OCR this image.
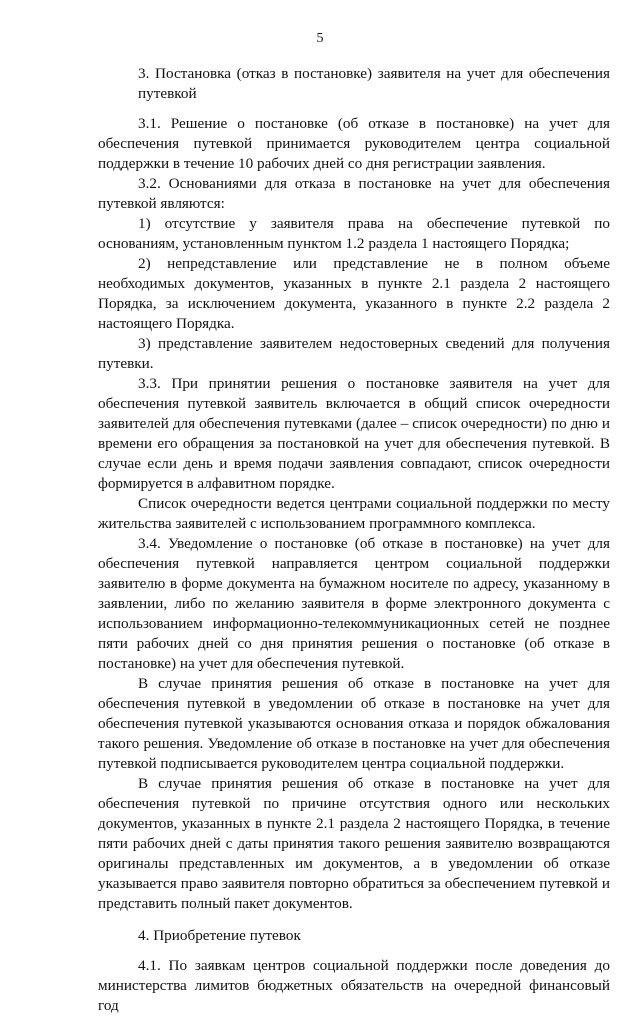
5

3. Постановка (отказ в постановке) заявителя на учет для обеспечения путевкой

3.1. Решение о постановке (об отказе в постановке) на учет для обеспечения путевкой принимается руководителем центра социальной поддержки в течение 10 рабочих дней со дня регистрации заявления.

3.2. Основаниями для отказа в постановке на учет для обеспечения путевкой являются:

1) отсутствие у заявителя права на обеспечение путевкой по основаниям, установленным пунктом 1.2 раздела 1 настоящего Порядка;

2) непредставление или представление не в полном объеме необходимых документов, указанных в пункте 2.1 раздела 2 настоящего Порядка, за исключением документа, указанного в пункте 2.2 раздела 2 настоящего Порядка.

3) представление заявителем недостоверных сведений для получения путевки.

3.3. При принятии решения о постановке заявителя на учет для обеспечения путевкой заявитель включается в общий список очередности заявителей для обеспечения путевками (далее – список очередности) по дню и времени его обращения за постановкой на учет для обеспечения путевкой. В случае если день и время подачи заявления совпадают, список очередности формируется в алфавитном порядке.

Список очередности ведется центрами социальной поддержки по месту жительства заявителей с использованием программного комплекса.

3.4. Уведомление о постановке (об отказе в постановке) на учет для обеспечения путевкой направляется центром социальной поддержки заявителю в форме документа на бумажном носителе по адресу, указанному в заявлении, либо по желанию заявителя в форме электронного документа с использованием информационно-телекоммуникационных сетей не позднее пяти рабочих дней со дня принятия решения о постановке (об отказе в постановке) на учет для обеспечения путевкой.

В случае принятия решения об отказе в постановке на учет для обеспечения путевкой в уведомлении об отказе в постановке на учет для обеспечения путевкой указываются основания отказа и порядок обжалования такого решения. Уведомление об отказе в постановке на учет для обеспечения путевкой подписывается руководителем центра социальной поддержки.

В случае принятия решения об отказе в постановке на учет для обеспечения путевкой по причине отсутствия одного или нескольких документов, указанных в пункте 2.1 раздела 2 настоящего Порядка, в течение пяти рабочих дней с даты принятия такого решения заявителю возвращаются оригиналы представленных им документов, а в уведомлении об отказе указывается право заявителя повторно обратиться за обеспечением путевкой и представить полный пакет документов.

4. Приобретение путевок

4.1. По заявкам центров социальной поддержки после доведения до министерства лимитов бюджетных обязательств на очередной финансовый год
